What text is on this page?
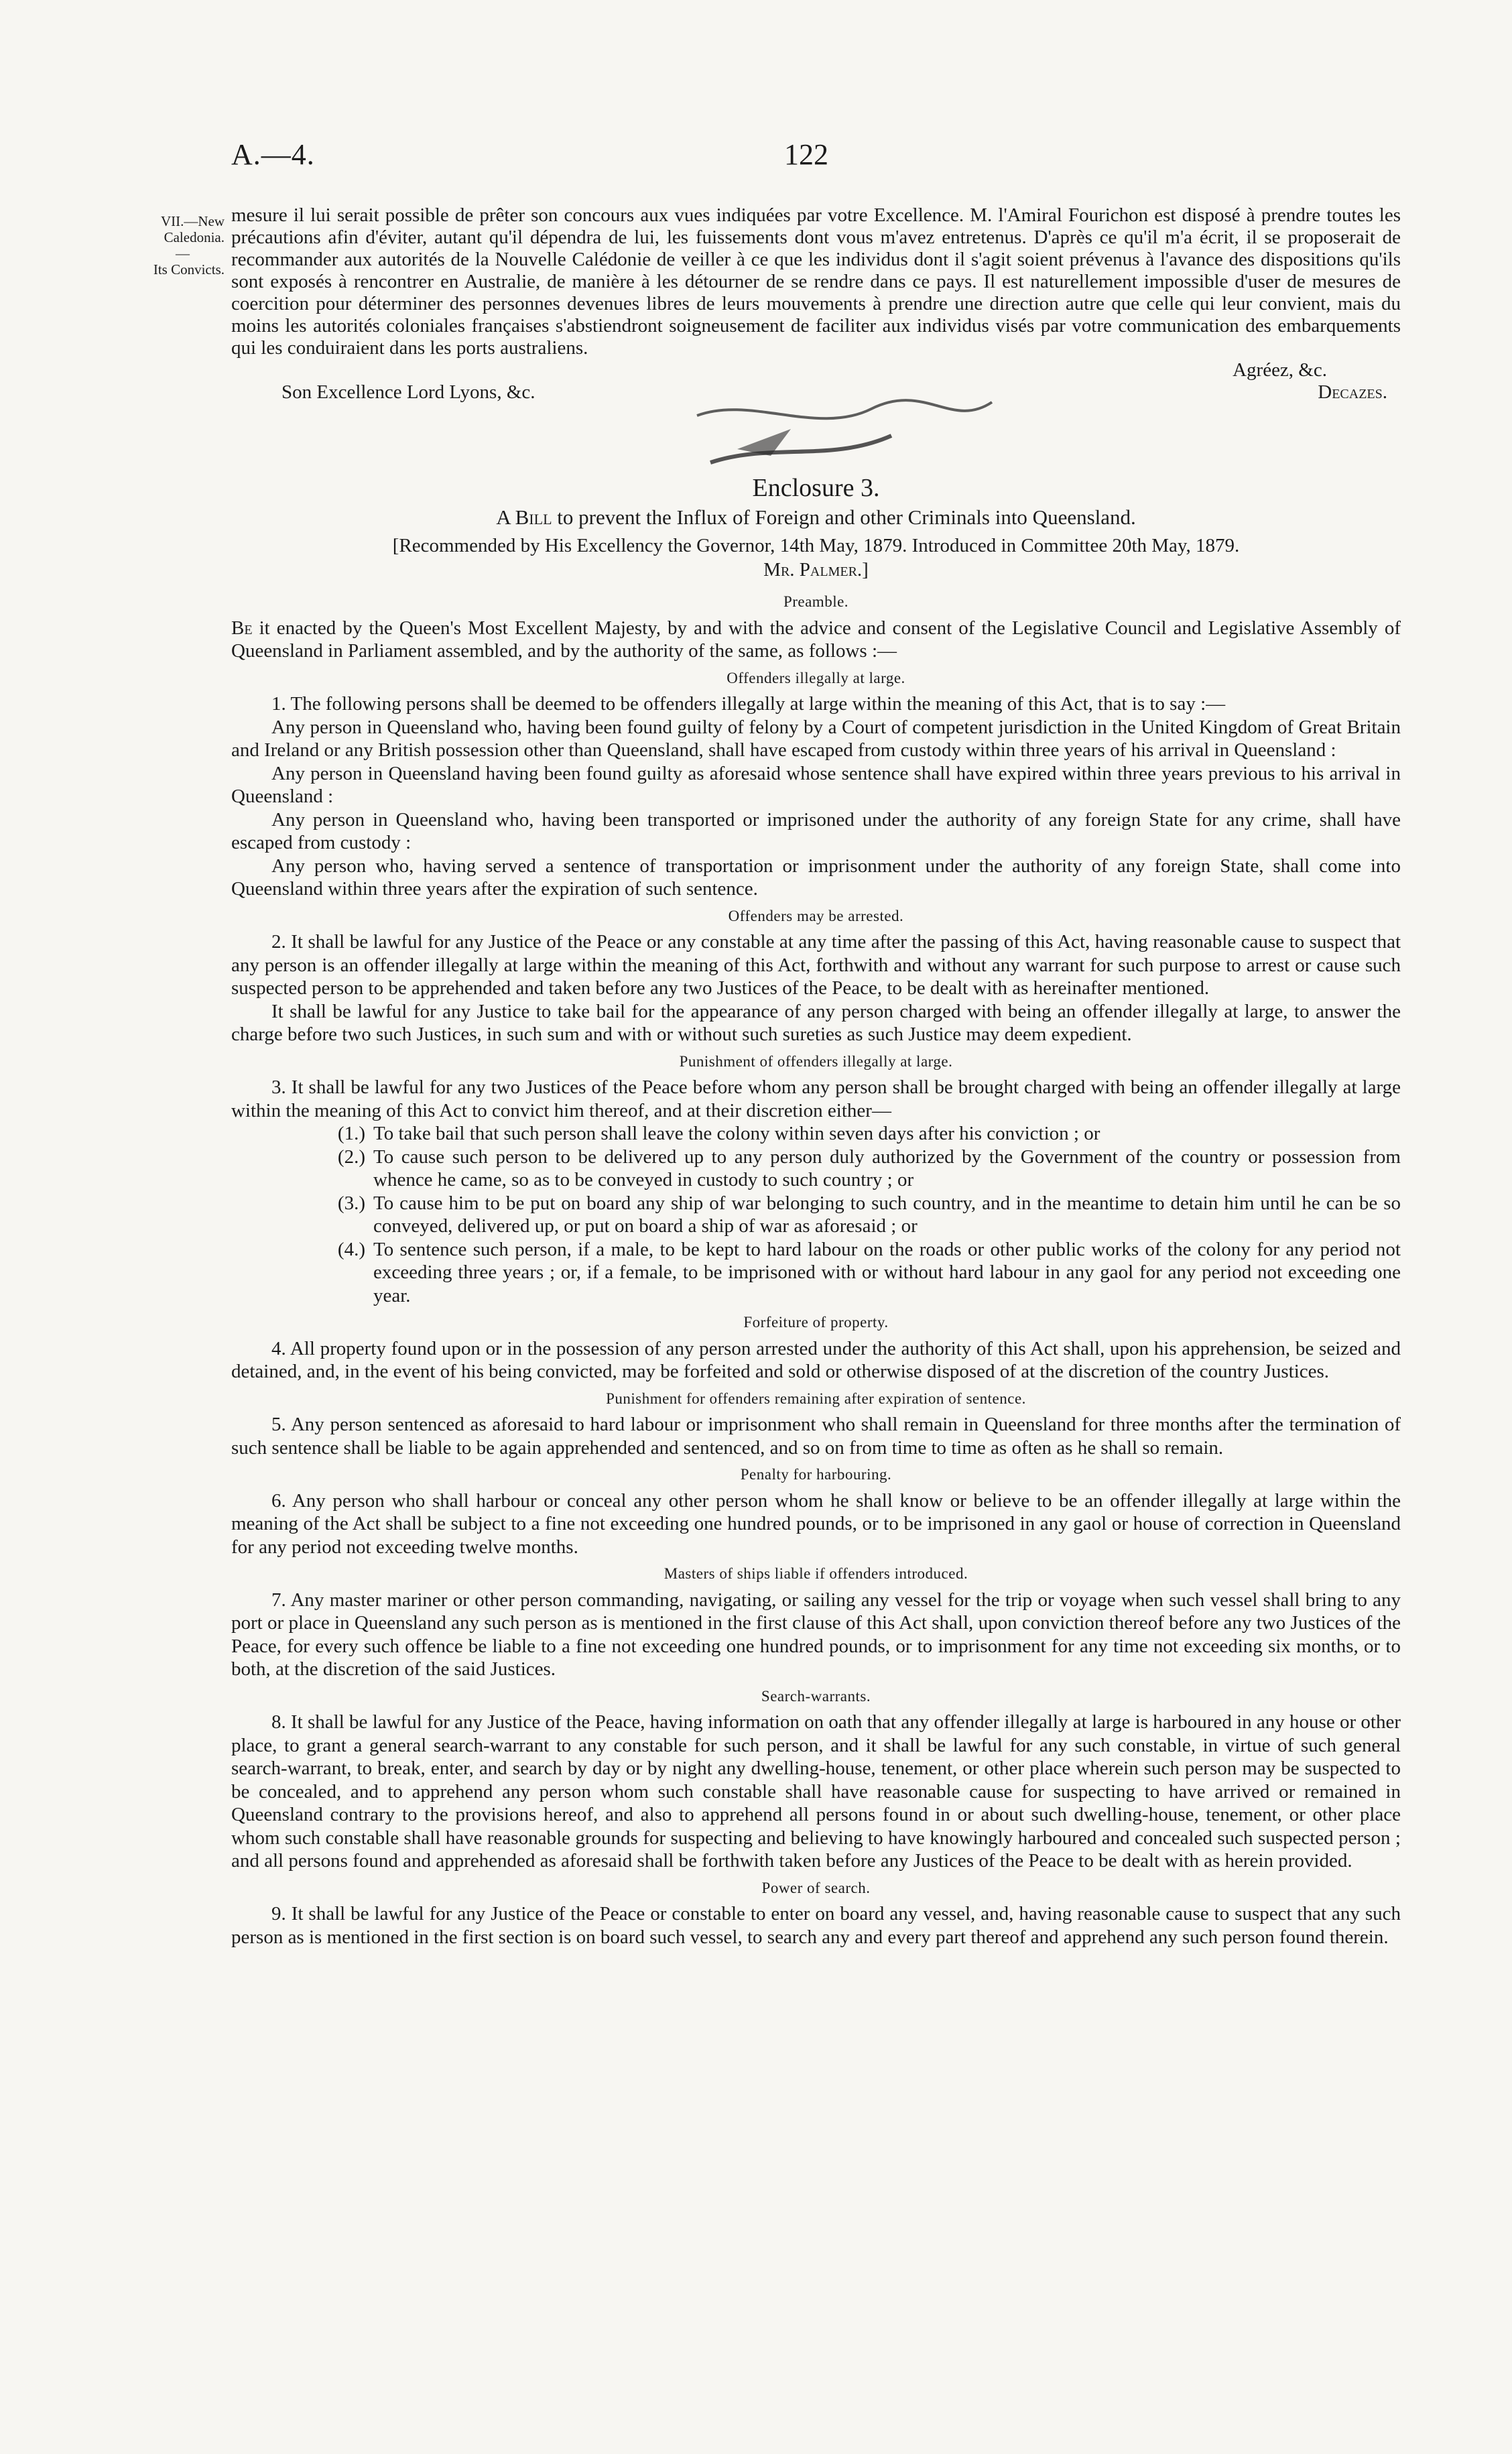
A.—4.	122
VII.—New
Caledonia.
—
Its Convicts.

mesure il lui serait possible de prêter son concours aux vues indiquées par votre Excellence. M. l'Amiral Fourichon est disposé à prendre toutes les précautions afin d'éviter, autant qu'il dépendra de lui, les fuissements dont vous m'avez entretenus. D'après ce qu'il m'a écrit, il se proposerait de recommander aux autorités de la Nouvelle Calédonie de veiller à ce que les individus dont il s'agit soient prévenus à l'avance des dispositions qu'ils sont exposés à rencontrer en Australie, de manière à les détourner de se rendre dans ce pays. Il est naturellement impossible d'user de mesures de coercition pour déterminer des personnes devenues libres de leurs mouvements à prendre une direction autre que celle qui leur convient, mais du moins les autorités coloniales françaises s'abstiendront soigneusement de faciliter aux individus visés par votre communication des embarquements qui les conduiraient dans les ports australiens.

Agréez, &c.
Son Excellence Lord Lyons, &c.	Decazes.
Enclosure 3.
A Bill to prevent the Influx of Foreign and other Criminals into Queensland.
[Recommended by His Excellency the Governor, 14th May, 1879. Introduced in Committee 20th May, 1879.
Mr. Palmer.]
Preamble.

Be it enacted by the Queen's Most Excellent Majesty, by and with the advice and consent of the Legislative Council and Legislative Assembly of Queensland in Parliament assembled, and by the authority of the same, as follows :—

Offenders illegally at large.

1. The following persons shall be deemed to be offenders illegally at large within the meaning of this Act, that is to say :—

Any person in Queensland who, having been found guilty of felony by a Court of competent jurisdiction in the United Kingdom of Great Britain and Ireland or any British possession other than Queensland, shall have escaped from custody within three years of his arrival in Queensland :

Any person in Queensland having been found guilty as aforesaid whose sentence shall have expired within three years previous to his arrival in Queensland :

Any person in Queensland who, having been transported or imprisoned under the authority of any foreign State for any crime, shall have escaped from custody :

Any person who, having served a sentence of transportation or imprisonment under the authority of any foreign State, shall come into Queensland within three years after the expiration of such sentence.

Offenders may be arrested.

2. It shall be lawful for any Justice of the Peace or any constable at any time after the passing of this Act, having reasonable cause to suspect that any person is an offender illegally at large within the meaning of this Act, forthwith and without any warrant for such purpose to arrest or cause such suspected person to be apprehended and taken before any two Justices of the Peace, to be dealt with as hereinafter mentioned.

It shall be lawful for any Justice to take bail for the appearance of any person charged with being an offender illegally at large, to answer the charge before two such Justices, in such sum and with or without such sureties as such Justice may deem expedient.

Punishment of offenders illegally at large.

3. It shall be lawful for any two Justices of the Peace before whom any person shall be brought charged with being an offender illegally at large within the meaning of this Act to convict him thereof, and at their discretion either—

(1.) To take bail that such person shall leave the colony within seven days after his conviction ; or
(2.) To cause such person to be delivered up to any person duly authorized by the Government of the country or possession from whence he came, so as to be conveyed in custody to such country ; or
(3.) To cause him to be put on board any ship of war belonging to such country, and in the meantime to detain him until he can be so conveyed, delivered up, or put on board a ship of war as aforesaid ; or
(4.) To sentence such person, if a male, to be kept to hard labour on the roads or other public works of the colony for any period not exceeding three years ; or, if a female, to be imprisoned with or without hard labour in any gaol for any period not exceeding one year.
Forfeiture of property.

4. All property found upon or in the possession of any person arrested under the authority of this Act shall, upon his apprehension, be seized and detained, and, in the event of his being convicted, may be forfeited and sold or otherwise disposed of at the discretion of the country Justices.

Punishment for offenders remaining after expiration of sentence.

5. Any person sentenced as aforesaid to hard labour or imprisonment who shall remain in Queensland for three months after the termination of such sentence shall be liable to be again apprehended and sentenced, and so on from time to time as often as he shall so remain.

Penalty for harbouring.

6. Any person who shall harbour or conceal any other person whom he shall know or believe to be an offender illegally at large within the meaning of the Act shall be subject to a fine not exceeding one hundred pounds, or to be imprisoned in any gaol or house of correction in Queensland for any period not exceeding twelve months.

Masters of ships liable if offenders introduced.

7. Any master mariner or other person commanding, navigating, or sailing any vessel for the trip or voyage when such vessel shall bring to any port or place in Queensland any such person as is mentioned in the first clause of this Act shall, upon conviction thereof before any two Justices of the Peace, for every such offence be liable to a fine not exceeding one hundred pounds, or to imprisonment for any time not exceeding six months, or to both, at the discretion of the said Justices.

Search-warrants.

8. It shall be lawful for any Justice of the Peace, having information on oath that any offender illegally at large is harboured in any house or other place, to grant a general search-warrant to any constable for such person, and it shall be lawful for any such constable, in virtue of such general search-warrant, to break, enter, and search by day or by night any dwelling-house, tenement, or other place wherein such person may be suspected to be concealed, and to apprehend any person whom such constable shall have reasonable cause for suspecting to have arrived or remained in Queensland contrary to the provisions hereof, and also to apprehend all persons found in or about such dwelling-house, tenement, or other place whom such constable shall have reasonable grounds for suspecting and believing to have knowingly harboured and concealed such suspected person ; and all persons found and apprehended as aforesaid shall be forthwith taken before any Justices of the Peace to be dealt with as herein provided.

Power of search.

9. It shall be lawful for any Justice of the Peace or constable to enter on board any vessel, and, having reasonable cause to suspect that any such person as is mentioned in the first section is on board such vessel, to search any and every part thereof and apprehend any such person found therein.
